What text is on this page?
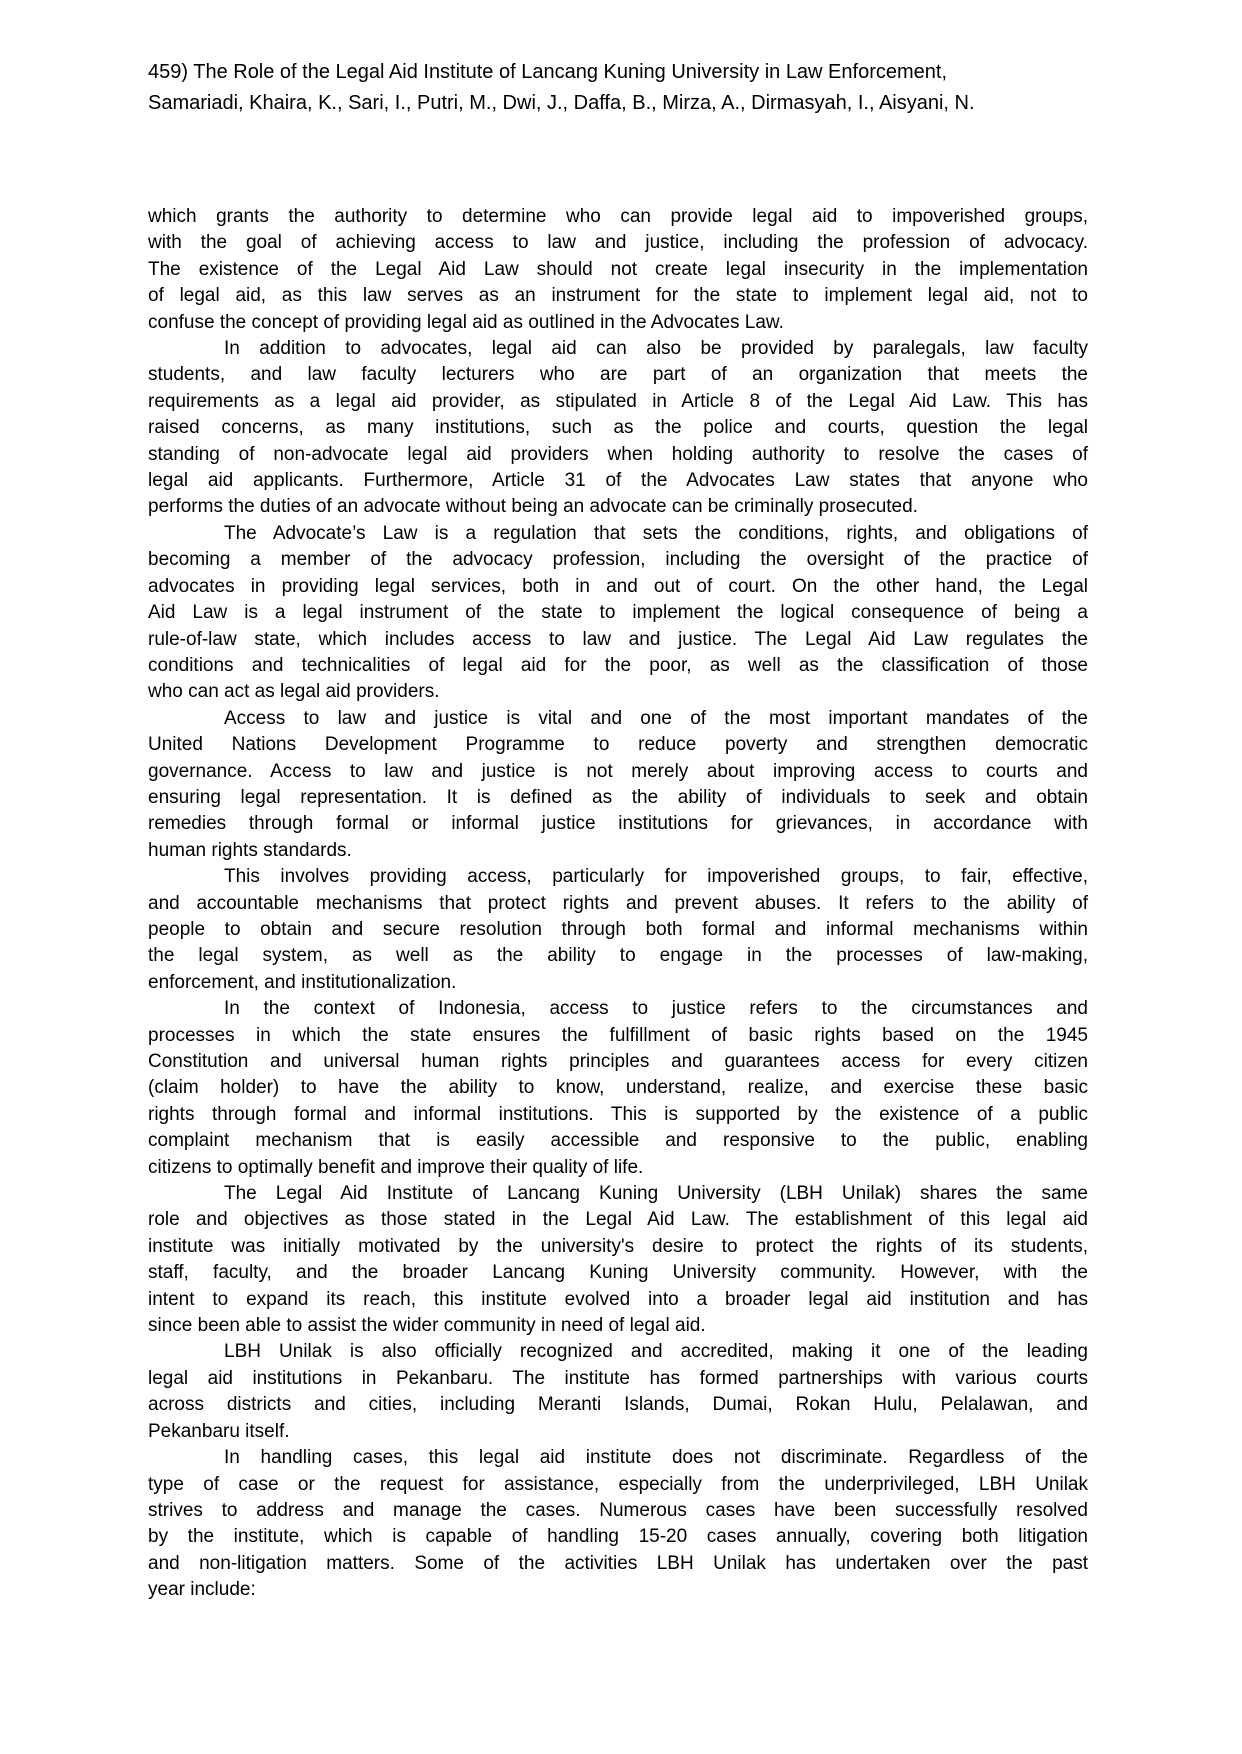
459) The Role of the Legal Aid Institute of Lancang Kuning University in Law Enforcement,
Samariadi, Khaira, K., Sari, I., Putri, M., Dwi, J., Daffa, B., Mirza, A., Dirmasyah, I., Aisyani, N.
which grants the authority to determine who can provide legal aid to impoverished groups,
with the goal of achieving access to law and justice, including the profession of advocacy.
The existence of the Legal Aid Law should not create legal insecurity in the implementation
of legal aid, as this law serves as an instrument for the state to implement legal aid, not to
confuse the concept of providing legal aid as outlined in the Advocates Law.
In addition to advocates, legal aid can also be provided by paralegals, law faculty
students, and law faculty lecturers who are part of an organization that meets the
requirements as a legal aid provider, as stipulated in Article 8 of the Legal Aid Law. This has
raised concerns, as many institutions, such as the police and courts, question the legal
standing of non-advocate legal aid providers when holding authority to resolve the cases of
legal aid applicants. Furthermore, Article 31 of the Advocates Law states that anyone who
performs the duties of an advocate without being an advocate can be criminally prosecuted.
The Advocate’s Law is a regulation that sets the conditions, rights, and obligations of
becoming a member of the advocacy profession, including the oversight of the practice of
advocates in providing legal services, both in and out of court. On the other hand, the Legal
Aid Law is a legal instrument of the state to implement the logical consequence of being a
rule-of-law state, which includes access to law and justice. The Legal Aid Law regulates the
conditions and technicalities of legal aid for the poor, as well as the classification of those
who can act as legal aid providers.
Access to law and justice is vital and one of the most important mandates of the
United Nations Development Programme to reduce poverty and strengthen democratic
governance. Access to law and justice is not merely about improving access to courts and
ensuring legal representation. It is defined as the ability of individuals to seek and obtain
remedies through formal or informal justice institutions for grievances, in accordance with
human rights standards.
This involves providing access, particularly for impoverished groups, to fair, effective,
and accountable mechanisms that protect rights and prevent abuses. It refers to the ability of
people to obtain and secure resolution through both formal and informal mechanisms within
the legal system, as well as the ability to engage in the processes of law-making,
enforcement, and institutionalization.
In the context of Indonesia, access to justice refers to the circumstances and
processes in which the state ensures the fulfillment of basic rights based on the 1945
Constitution and universal human rights principles and guarantees access for every citizen
(claim holder) to have the ability to know, understand, realize, and exercise these basic
rights through formal and informal institutions. This is supported by the existence of a public
complaint mechanism that is easily accessible and responsive to the public, enabling
citizens to optimally benefit and improve their quality of life.
The Legal Aid Institute of Lancang Kuning University (LBH Unilak) shares the same
role and objectives as those stated in the Legal Aid Law. The establishment of this legal aid
institute was initially motivated by the university's desire to protect the rights of its students,
staff, faculty, and the broader Lancang Kuning University community. However, with the
intent to expand its reach, this institute evolved into a broader legal aid institution and has
since been able to assist the wider community in need of legal aid.
LBH Unilak is also officially recognized and accredited, making it one of the leading
legal aid institutions in Pekanbaru. The institute has formed partnerships with various courts
across districts and cities, including Meranti Islands, Dumai, Rokan Hulu, Pelalawan, and
Pekanbaru itself.
In handling cases, this legal aid institute does not discriminate. Regardless of the
type of case or the request for assistance, especially from the underprivileged, LBH Unilak
strives to address and manage the cases. Numerous cases have been successfully resolved
by the institute, which is capable of handling 15-20 cases annually, covering both litigation
and non-litigation matters. Some of the activities LBH Unilak has undertaken over the past
year include:
